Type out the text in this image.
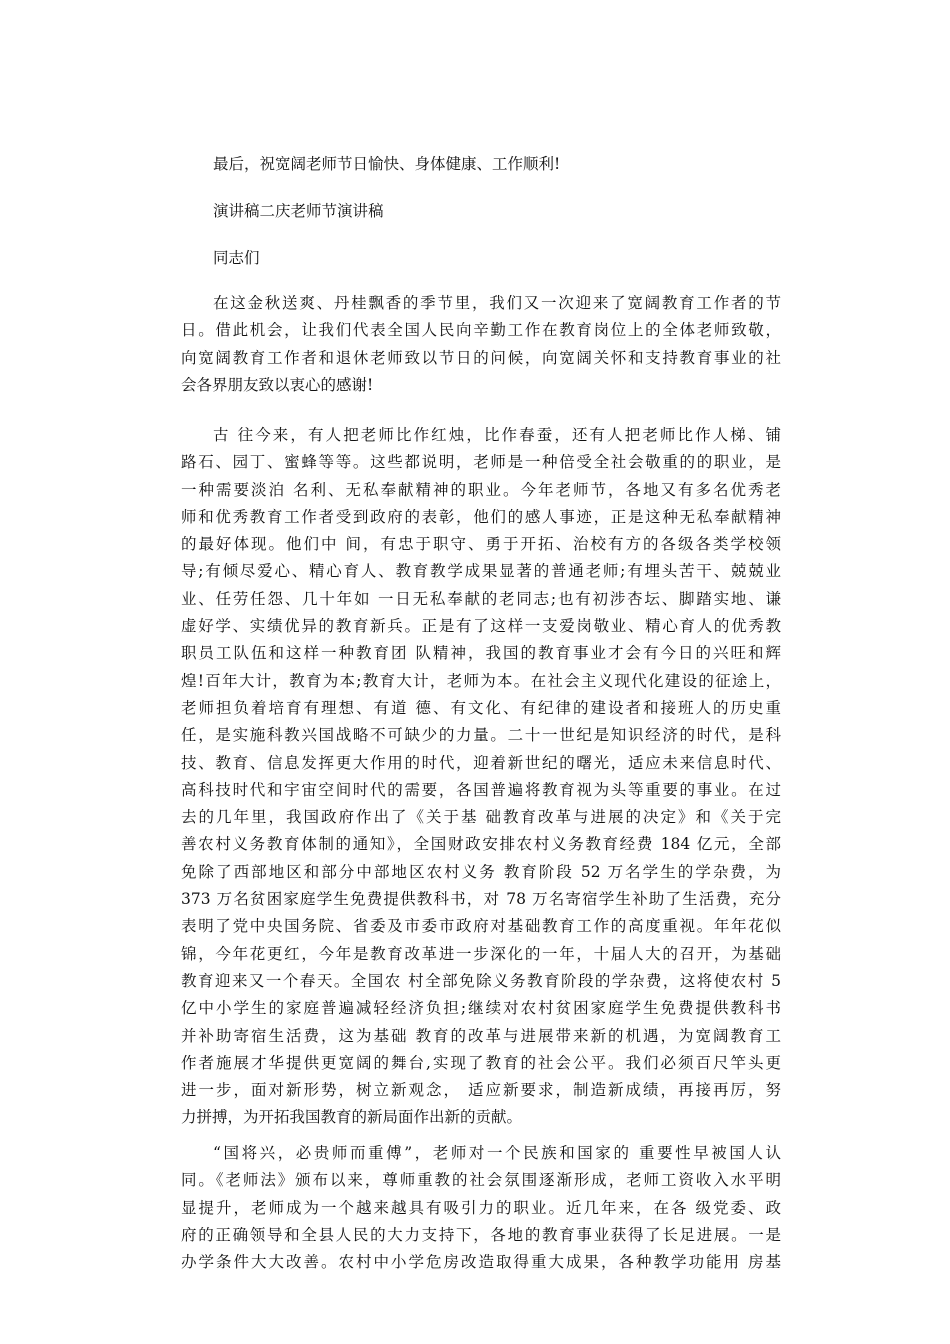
最后，祝宽阔老师节日愉快、身体健康、工作顺利!
演讲稿二庆老师节演讲稿
同志们
在这金秋送爽、丹桂飘香的季节里，我们又一次迎来了宽阔教育工作者的节
日。借此机会，让我们代表全国人民向辛勤工作在教育岗位上的全体老师致敬，
向宽阔教育工作者和退休老师致以节日的问候，向宽阔关怀和支持教育事业的社
会各界朋友致以衷心的感谢!
古 往今来，有人把老师比作红烛，比作春蚕，还有人把老师比作人梯、铺
路石、园丁、蜜蜂等等。这些都说明，老师是一种倍受全社会敬重的的职业，是
一种需要淡泊 名利、无私奉献精神的职业。今年老师节，各地又有多名优秀老
师和优秀教育工作者受到政府的表彰，他们的感人事迹，正是这种无私奉献精神
的最好体现。他们中 间，有忠于职守、勇于开拓、治校有方的各级各类学校领
导;有倾尽爱心、精心育人、教育教学成果显著的普通老师;有埋头苦干、兢兢业
业、任劳任怨、几十年如 一日无私奉献的老同志;也有初涉杏坛、脚踏实地、谦
虚好学、实绩优异的教育新兵。正是有了这样一支爱岗敬业、精心育人的优秀教
职员工队伍和这样一种教育团 队精神，我国的教育事业才会有今日的兴旺和辉
煌!百年大计，教育为本;教育大计，老师为本。在社会主义现代化建设的征途上，
老师担负着培育有理想、有道 德、有文化、有纪律的建设者和接班人的历史重
任，是实施科教兴国战略不可缺少的力量。二十一世纪是知识经济的时代，是科
技、教育、信息发挥更大作用的时代，迎着新世纪的曙光，适应未来信息时代、
高科技时代和宇宙空间时代的需要，各国普遍将教育视为头等重要的事业。在过
去的几年里，我国政府作出了《关于基 础教育改革与进展的决定》和《关于完
善农村义务教育体制的通知》，全国财政安排农村义务教育经费 184 亿元，全部
免除了西部地区和部分中部地区农村义务 教育阶段 52 万名学生的学杂费，为
373 万名贫困家庭学生免费提供教科书，对 78 万名寄宿学生补助了生活费，充分
表明了党中央国务院、省委及市委市政府对基础教育工作的高度重视。年年花似
锦，今年花更红，今年是教育改革进一步深化的一年，十届人大的召开，为基础
教育迎来又一个春天。全国农 村全部免除义务教育阶段的学杂费，这将使农村 5
亿中小学生的家庭普遍减轻经济负担;继续对农村贫困家庭学生免费提供教科书
并补助寄宿生活费，这为基础 教育的改革与进展带来新的机遇，为宽阔教育工
作者施展才华提供更宽阔的舞台,实现了教育的社会公平。我们必须百尺竿头更
进一步，面对新形势，树立新观念， 适应新要求，制造新成绩，再接再厉，努
力拼搏，为开拓我国教育的新局面作出新的贡献。
“国将兴，必贵师而重傅”，老师对一个民族和国家的 重要性早被国人认
同。《老师法》颁布以来，尊师重教的社会氛围逐渐形成，老师工资收入水平明
显提升，老师成为一个越来越具有吸引力的职业。近几年来，在各 级党委、政
府的正确领导和全县人民的大力支持下，各地的教育事业获得了长足进展。一是
办学条件大大改善。农村中小学危房改造取得重大成果，各种教学功能用 房基
